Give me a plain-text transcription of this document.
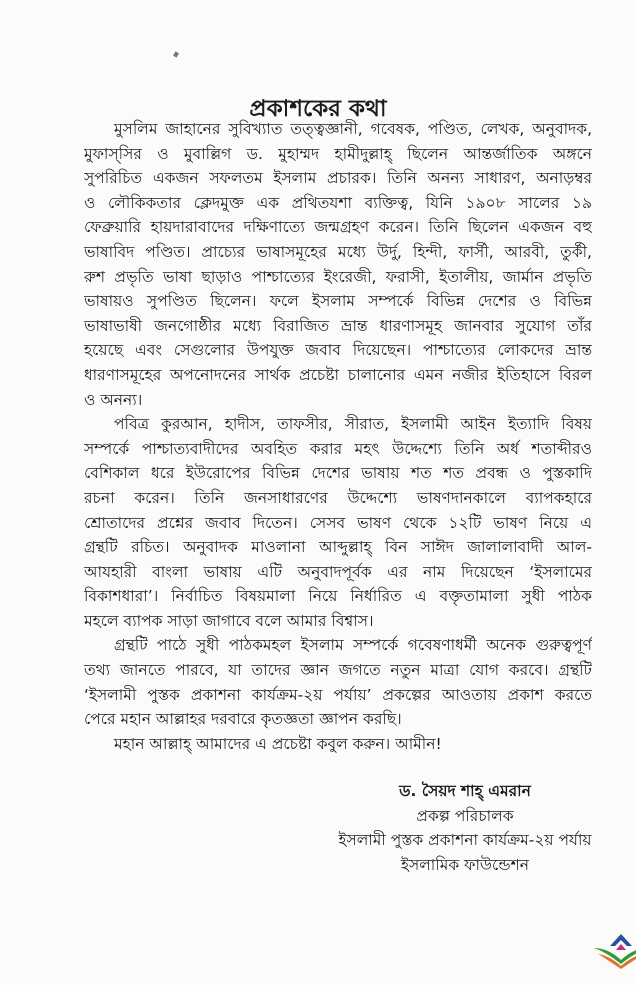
প্রকাশকের কথা
মুসলিম জাহানের সুবিখ্যাত তত্ত্বজ্ঞানী, গবেষক, পণ্ডিত, লেখক, অনুবাদক,
মুফাস্‌সির ও মুবাল্লিগ ড. মুহাম্মদ হামীদুল্লাহ্ ছিলেন আন্তর্জাতিক অঙ্গনে
সুপরিচিত একজন সফলতম ইসলাম প্রচারক। তিনি অনন্য সাধারণ, অনাড়ম্বর
ও লৌকিকতার ক্লেদমুক্ত এক প্রথিতযশা ব্যক্তিত্ব, যিনি ১৯০৮ সালের ১৯
ফেব্রুয়ারি হায়দারাবাদের দক্ষিণাত্যে জন্মগ্রহণ করেন। তিনি ছিলেন একজন বহু
ভাষাবিদ পণ্ডিত। প্রাচ্যের ভাষাসমূহের মধ্যে উর্দু, হিন্দী, ফার্সী, আরবী, তুর্কী,
রুশ প্রভৃতি ভাষা ছাড়াও পাশ্চাত্যের ইংরেজী, ফরাসী, ইতালীয়, জার্মান প্রভৃতি
ভাষায়ও সুপণ্ডিত ছিলেন। ফলে ইসলাম সম্পর্কে বিভিন্ন দেশের ও বিভিন্ন
ভাষাভাষী জনগোষ্ঠীর মধ্যে বিরাজিত ভ্রান্ত ধারণাসমূহ জানবার সুযোগ তাঁর
হয়েছে এবং সেগুলোর উপযুক্ত জবাব দিয়েছেন। পাশ্চাত্যের লোকদের ভ্রান্ত
ধারণাসমূহের অপনোদনের সার্থক প্রচেষ্টা চালানোর এমন নজীর ইতিহাসে বিরল
ও অনন্য।
পবিত্র কুরআন, হাদীস, তাফসীর, সীরাত, ইসলামী আইন ইত্যাদি বিষয়
সম্পর্কে পাশ্চাত্যবাদীদের অবহিত করার মহৎ উদ্দেশ্যে তিনি অর্ধ শতাব্দীরও
বেশিকাল ধরে ইউরোপের বিভিন্ন দেশের ভাষায় শত শত প্রবন্ধ ও পুস্তকাদি
রচনা করেন। তিনি জনসাধারণের উদ্দেশ্যে ভাষণদানকালে ব্যাপকহারে
শ্রোতাদের প্রশ্নের জবাব দিতেন। সেসব ভাষণ থেকে ১২টি ভাষণ নিয়ে এ
গ্রন্থটি রচিত। অনুবাদক মাওলানা আব্দুল্লাহ্ বিন সাঈদ জালালাবাদী আল-
আযহারী বাংলা ভাষায় এটি অনুবাদপূর্বক এর নাম দিয়েছেন ‘ইসলামের
বিকাশধারা’। নির্বাচিত বিষয়মালা নিয়ে নির্ধারিত এ বক্তৃতামালা সুধী পাঠক
মহলে ব্যাপক সাড়া জাগাবে বলে আমার বিশ্বাস।
গ্রন্থটি পাঠে সুধী পাঠকমহল ইসলাম সম্পর্কে গবেষণাধর্মী অনেক গুরুত্বপূর্ণ
তথ্য জানতে পারবে, যা তাদের জ্ঞান জগতে নতুন মাত্রা যোগ করবে। গ্রন্থটি
‘ইসলামী পুস্তক প্রকাশনা কার্যক্রম-২য় পর্যায়’ প্রকল্পের আওতায় প্রকাশ করতে
পেরে মহান আল্লাহর দরবারে কৃতজ্ঞতা জ্ঞাপন করছি।
মহান আল্লাহ্ আমাদের এ প্রচেষ্টা কবুল করুন। আমীন!
ড. সৈয়দ শাহ্ এমরান
প্রকল্প পরিচালক
ইসলামী পুস্তক প্রকাশনা কার্যক্রম-২য় পর্যায়
ইসলামিক ফাউন্ডেশন
